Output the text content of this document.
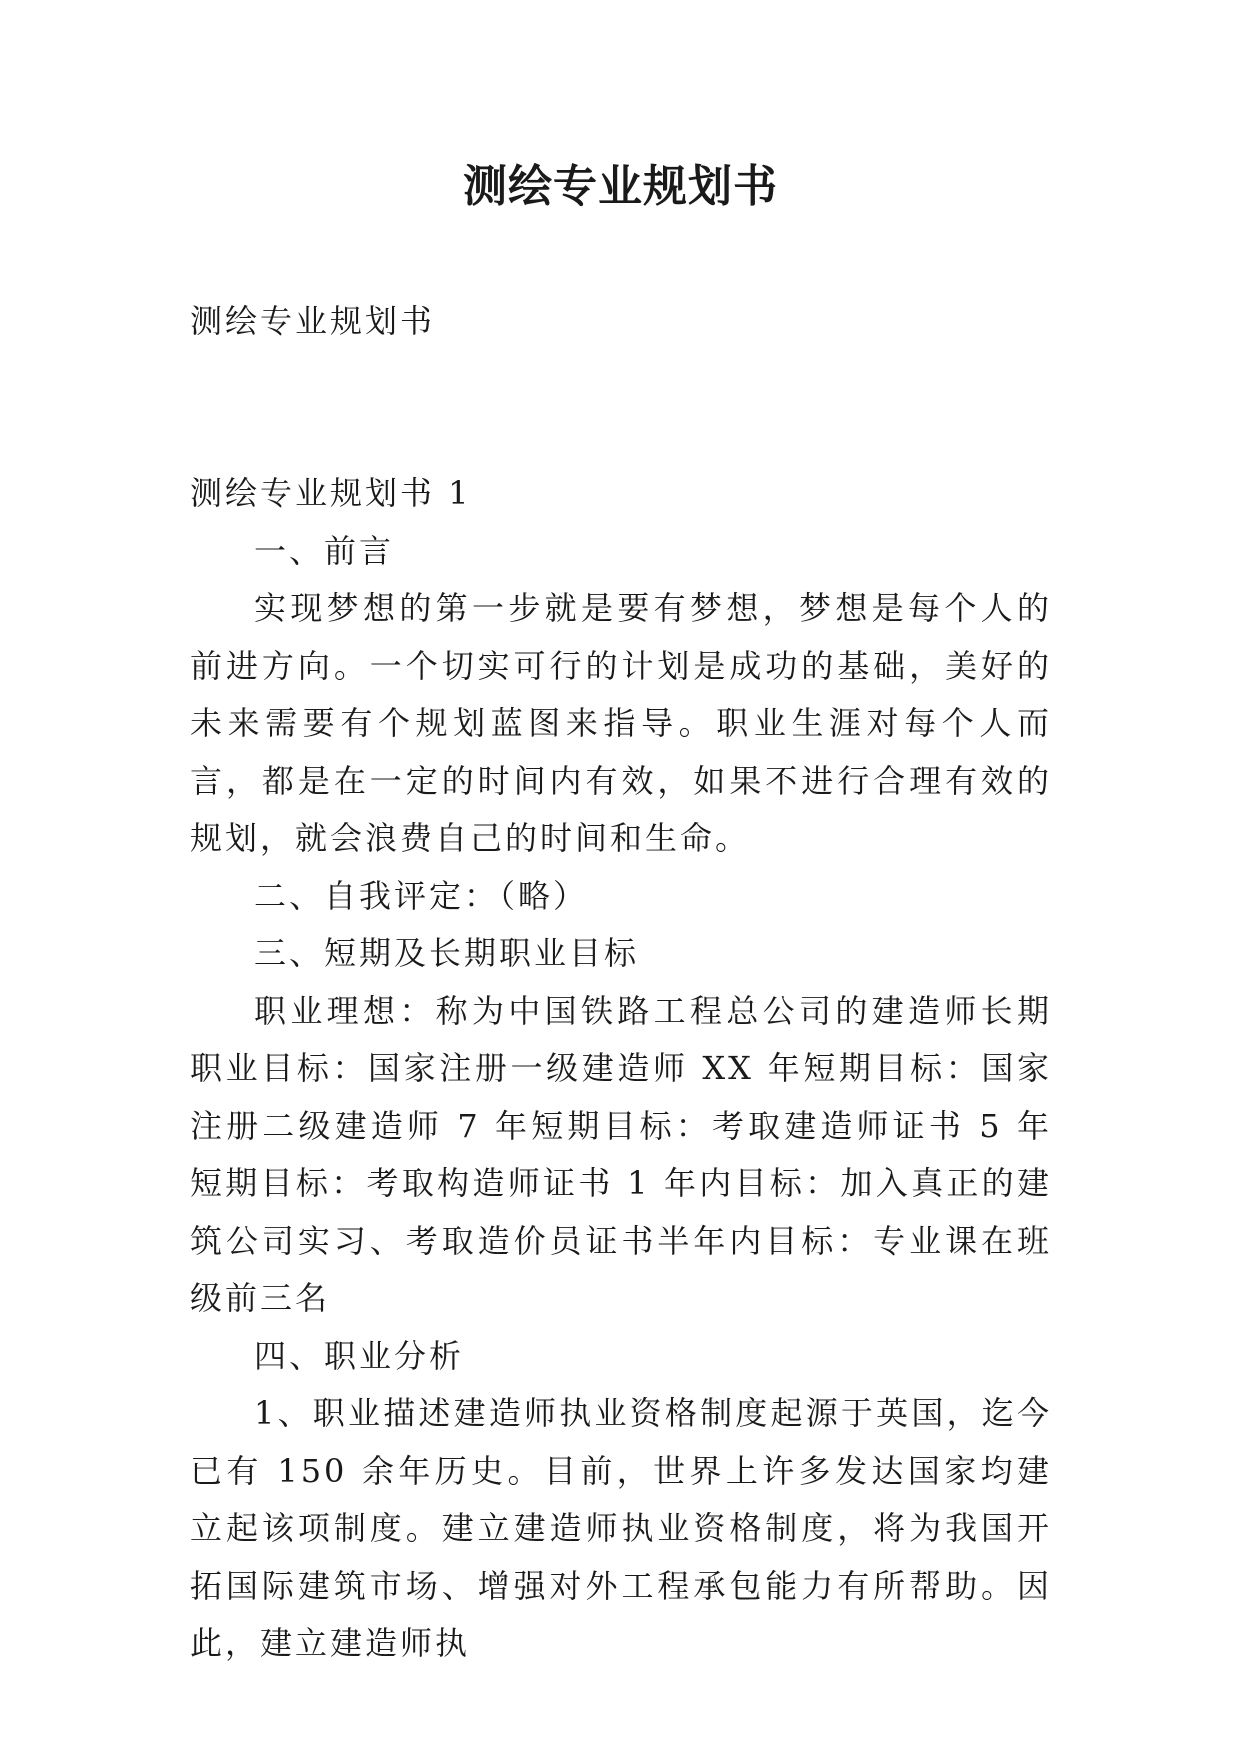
测绘专业规划书

测绘专业规划书

测绘专业规划书 1

一、前言

实现梦想的第一步就是要有梦想，梦想是每个人的前进方向。一个切实可行的计划是成功的基础，美好的未来需要有个规划蓝图来指导。职业生涯对每个人而言，都是在一定的时间内有效，如果不进行合理有效的规划，就会浪费自己的时间和生命。

二、自我评定：（略）

三、短期及长期职业目标

职业理想：称为中国铁路工程总公司的建造师长期职业目标：国家注册一级建造师 XX 年短期目标：国家注册二级建造师 7 年短期目标：考取建造师证书 5 年短期目标：考取构造师证书 1 年内目标：加入真正的建筑公司实习、考取造价员证书半年内目标：专业课在班级前三名

四、职业分析

1、职业描述建造师执业资格制度起源于英国，迄今已有 150 余年历史。目前，世界上许多发达国家均建立起该项制度。建立建造师执业资格制度，将为我国开拓国际建筑市场、增强对外工程承包能力有所帮助。因此，建立建造师执
